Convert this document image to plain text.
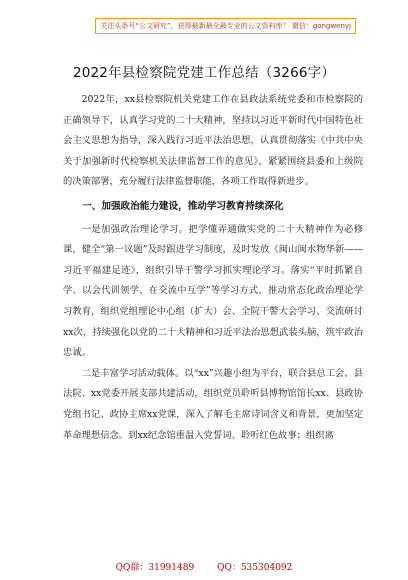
关注头条号“公文研究”，获得最新最全最专业的公文资料库！ 微信：gongwenyj
2022年县检察院党建工作总结（3266字）

2022年，xx县检察院机关党建工作在县政法系统党委和市检察院的正确领导下，认真学习党的二十大精神，坚持以习近平新时代中国特色社会主义思想为指导，深入践行习近平法治思想，认真贯彻落实《中共中央关于加强新时代检察机关法律监督工作的意见》，紧紧围绕县委和上级院的决策部署，充分履行法律监督职能，各项工作取得新进步。

一、加强政治能力建设，推动学习教育持续深化

一是加强政治理论学习。把学懂弄通做实党的二十大精神作为必修课，健全“第一议题”及时跟进学习制度，及时发放《闽山闽水物华新——习近平福建足迹》，组织引导干警学习抓实理论学习。落实“平时抓紧自学、以会代训领学、在交流中互学”等学习方式，推动常态化政治理论学习教育，组织党组理论中心组（扩大）会、全院干警大会学习、交流研讨xx次，持续强化以党的二十大精神和习近平法治思想武装头脑，筑牢政治忠诚。

二是丰富学习活动载体。以“xx”兴趣小组为平台，联合县总工会、县法院、xx党委开展支部共建活动，组织党员聆听县博物馆馆长xx、县政协党组书记、政协主席xx党课，深入了解毛主席诗词含义和背景，更加坚定革命理想信念。到xx纪念馆重温入党誓词、聆听红色故事；组织离

QQ群：31991489	QQ：535304092
